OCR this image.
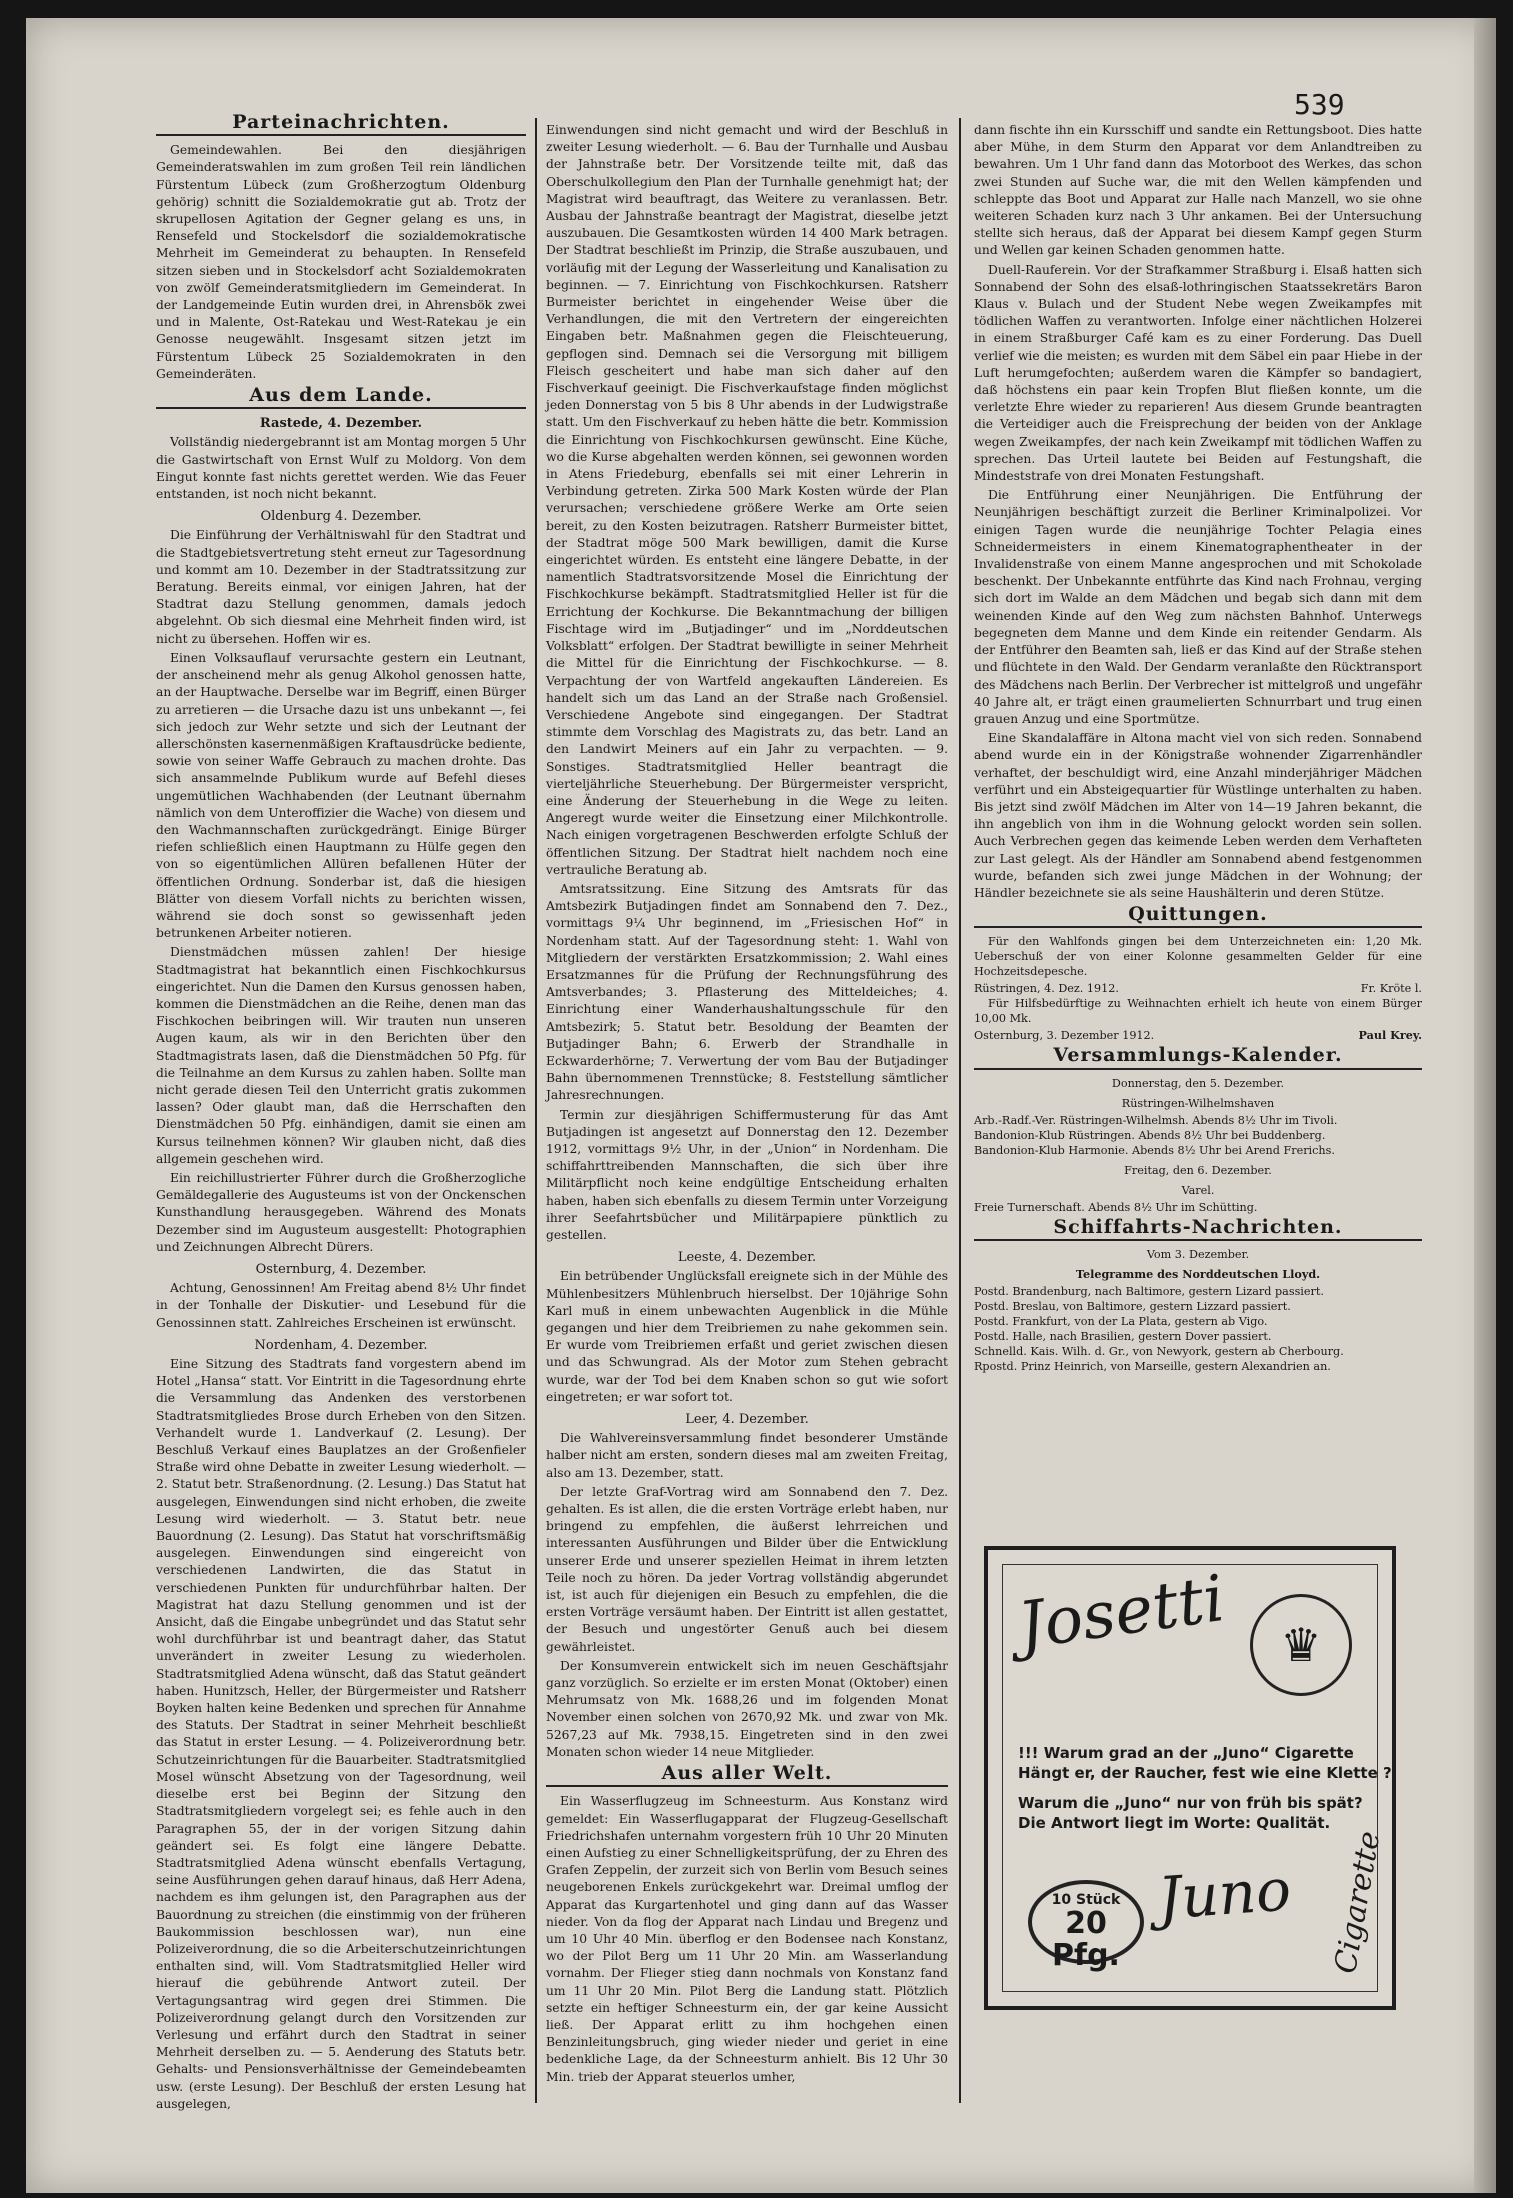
539
Parteinachrichten.

Gemeindewahlen. Bei den diesjährigen Gemeinderatswahlen im zum großen Teil rein ländlichen Fürstentum Lübeck (zum Großherzogtum Oldenburg gehörig) schnitt die Sozialdemokratie gut ab. Trotz der skrupellosen Agitation der Gegner gelang es uns, in Rensefeld und Stockelsdorf die sozialdemokratische Mehrheit im Gemeinderat zu behaupten. In Rensefeld sitzen sieben und in Stockelsdorf acht Sozialdemokraten von zwölf Gemeinderatsmitgliedern im Gemeinderat. In der Landgemeinde Eutin wurden drei, in Ahrensbök zwei und in Malente, Ost-Ratekau und West-Ratekau je ein Genosse neugewählt. Insgesamt sitzen jetzt im Fürstentum Lübeck 25 Sozialdemokraten in den Gemeinderäten.

Aus dem Lande.
Rastede, 4. Dezember.

Vollständig niedergebrannt ist am Montag morgen 5 Uhr die Gastwirtschaft von Ernst Wulf zu Moldorg. Von dem Eingut konnte fast nichts gerettet werden. Wie das Feuer entstanden, ist noch nicht bekannt.

Oldenburg 4. Dezember.

Die Einführung der Verhältniswahl für den Stadtrat und die Stadtgebietsvertretung steht erneut zur Tagesordnung und kommt am 10. Dezember in der Stadtratssitzung zur Beratung. Bereits einmal, vor einigen Jahren, hat der Stadtrat dazu Stellung genommen, damals jedoch abgelehnt. Ob sich diesmal eine Mehrheit finden wird, ist nicht zu übersehen. Hoffen wir es.

Einen Volksauflauf verursachte gestern ein Leutnant, der anscheinend mehr als genug Alkohol genossen hatte, an der Hauptwache. Derselbe war im Begriff, einen Bürger zu arretieren — die Ursache dazu ist uns unbekannt —, fei sich jedoch zur Wehr setzte und sich der Leutnant der allerschönsten kasernenmäßigen Kraftausdrücke bediente, sowie von seiner Waffe Gebrauch zu machen drohte. Das sich ansammelnde Publikum wurde auf Befehl dieses ungemütlichen Wachhabenden (der Leutnant übernahm nämlich von dem Unteroffizier die Wache) von diesem und den Wachmannschaften zurückgedrängt. Einige Bürger riefen schließlich einen Hauptmann zu Hülfe gegen den von so eigentümlichen Allüren befallenen Hüter der öffentlichen Ordnung. Sonderbar ist, daß die hiesigen Blätter von diesem Vorfall nichts zu berichten wissen, während sie doch sonst so gewissenhaft jeden betrunkenen Arbeiter notieren.

Dienstmädchen müssen zahlen! Der hiesige Stadtmagistrat hat bekanntlich einen Fischkochkursus eingerichtet. Nun die Damen den Kursus genossen haben, kommen die Dienstmädchen an die Reihe, denen man das Fischkochen beibringen will. Wir trauten nun unseren Augen kaum, als wir in den Berichten über den Stadtmagistrats lasen, daß die Dienstmädchen 50 Pfg. für die Teilnahme an dem Kursus zu zahlen haben. Sollte man nicht gerade diesen Teil den Unterricht gratis zukommen lassen? Oder glaubt man, daß die Herrschaften den Dienstmädchen 50 Pfg. einhändigen, damit sie einen am Kursus teilnehmen können? Wir glauben nicht, daß dies allgemein geschehen wird.

Ein reichillustrierter Führer durch die Großherzogliche Gemäldegallerie des Augusteums ist von der Onckenschen Kunsthandlung herausgegeben. Während des Monats Dezember sind im Augusteum ausgestellt: Photographien und Zeichnungen Albrecht Dürers.

Osternburg, 4. Dezember.

Achtung, Genossinnen! Am Freitag abend 8½ Uhr findet in der Tonhalle der Diskutier- und Lesebund für die Genossinnen statt. Zahlreiches Erscheinen ist erwünscht.

Nordenham, 4. Dezember.

Eine Sitzung des Stadtrats fand vorgestern abend im Hotel „Hansa“ statt. Vor Eintritt in die Tagesordnung ehrte die Versammlung das Andenken des verstorbenen Stadtratsmitgliedes Brose durch Erheben von den Sitzen. Verhandelt wurde 1. Landverkauf (2. Lesung). Der Beschluß Verkauf eines Bauplatzes an der Großenfieler Straße wird ohne Debatte in zweiter Lesung wiederholt. — 2. Statut betr. Straßenordnung. (2. Lesung.) Das Statut hat ausgelegen, Einwendungen sind nicht erhoben, die zweite Lesung wird wiederholt. — 3. Statut betr. neue Bauordnung (2. Lesung). Das Statut hat vorschriftsmäßig ausgelegen. Einwendungen sind eingereicht von verschiedenen Landwirten, die das Statut in verschiedenen Punkten für undurchführbar halten. Der Magistrat hat dazu Stellung genommen und ist der Ansicht, daß die Eingabe unbegründet und das Statut sehr wohl durchführbar ist und beantragt daher, das Statut unverändert in zweiter Lesung zu wiederholen. Stadtratsmitglied Adena wünscht, daß das Statut geändert haben. Hunitzsch, Heller, der Bürgermeister und Ratsherr Boyken halten keine Bedenken und sprechen für Annahme des Statuts. Der Stadtrat in seiner Mehrheit beschließt das Statut in erster Lesung. — 4. Polizeiverordnung betr. Schutzeinrichtungen für die Bauarbeiter. Stadtratsmitglied Mosel wünscht Absetzung von der Tagesordnung, weil dieselbe erst bei Beginn der Sitzung den Stadtratsmitgliedern vorgelegt sei; es fehle auch in den Paragraphen 55, der in der vorigen Sitzung dahin geändert sei. Es folgt eine längere Debatte. Stadtratsmitglied Adena wünscht ebenfalls Vertagung, seine Ausführungen gehen darauf hinaus, daß Herr Adena, nachdem es ihm gelungen ist, den Paragraphen aus der Bauordnung zu streichen (die einstimmig von der früheren Baukommission beschlossen war), nun eine Polizeiverordnung, die so die Arbeiterschutzeinrichtungen enthalten sind, will. Vom Stadtratsmitglied Heller wird hierauf die gebührende Antwort zuteil. Der Vertagungsantrag wird gegen drei Stimmen. Die Polizeiverordnung gelangt durch den Vorsitzenden zur Verlesung und erfährt durch den Stadtrat in seiner Mehrheit derselben zu. — 5. Aenderung des Statuts betr. Gehalts- und Pensionsverhältnisse der Gemeindebeamten usw. (erste Lesung). Der Beschluß der ersten Lesung hat ausgelegen,

Einwendungen sind nicht gemacht und wird der Beschluß in zweiter Lesung wiederholt. — 6. Bau der Turnhalle und Ausbau der Jahnstraße betr. Der Vorsitzende teilte mit, daß das Oberschulkollegium den Plan der Turnhalle genehmigt hat; der Magistrat wird beauftragt, das Weitere zu veranlassen. Betr. Ausbau der Jahnstraße beantragt der Magistrat, dieselbe jetzt auszubauen. Die Gesamtkosten würden 14 400 Mark betragen. Der Stadtrat beschließt im Prinzip, die Straße auszubauen, und vorläufig mit der Legung der Wasserleitung und Kanalisation zu beginnen. — 7. Einrichtung von Fischkochkursen. Ratsherr Burmeister berichtet in eingehender Weise über die Verhandlungen, die mit den Vertretern der eingereichten Eingaben betr. Maßnahmen gegen die Fleischteuerung, gepflogen sind. Demnach sei die Versorgung mit billigem Fleisch gescheitert und habe man sich daher auf den Fischverkauf geeinigt. Die Fischverkaufstage finden möglichst jeden Donnerstag von 5 bis 8 Uhr abends in der Ludwigstraße statt. Um den Fischverkauf zu heben hätte die betr. Kommission die Einrichtung von Fischkochkursen gewünscht. Eine Küche, wo die Kurse abgehalten werden können, sei gewonnen worden in Atens Friedeburg, ebenfalls sei mit einer Lehrerin in Verbindung getreten. Zirka 500 Mark Kosten würde der Plan verursachen; verschiedene größere Werke am Orte seien bereit, zu den Kosten beizutragen. Ratsherr Burmeister bittet, der Stadtrat möge 500 Mark bewilligen, damit die Kurse eingerichtet würden. Es entsteht eine längere Debatte, in der namentlich Stadtratsvorsitzende Mosel die Einrichtung der Fischkochkurse bekämpft. Stadtratsmitglied Heller ist für die Errichtung der Kochkurse. Die Bekanntmachung der billigen Fischtage wird im „Butjadinger“ und im „Norddeutschen Volksblatt“ erfolgen. Der Stadtrat bewilligte in seiner Mehrheit die Mittel für die Einrichtung der Fischkochkurse. — 8. Verpachtung der von Wartfeld angekauften Ländereien. Es handelt sich um das Land an der Straße nach Großensiel. Verschiedene Angebote sind eingegangen. Der Stadtrat stimmte dem Vorschlag des Magistrats zu, das betr. Land an den Landwirt Meiners auf ein Jahr zu verpachten. — 9. Sonstiges. Stadtratsmitglied Heller beantragt die vierteljährliche Steuerhebung. Der Bürgermeister verspricht, eine Änderung der Steuerhebung in die Wege zu leiten. Angeregt wurde weiter die Einsetzung einer Milchkontrolle. Nach einigen vorgetragenen Beschwerden erfolgte Schluß der öffentlichen Sitzung. Der Stadtrat hielt nachdem noch eine vertrauliche Beratung ab.

Amtsratssitzung. Eine Sitzung des Amtsrats für das Amtsbezirk Butjadingen findet am Sonnabend den 7. Dez., vormittags 9¼ Uhr beginnend, im „Friesischen Hof“ in Nordenham statt. Auf der Tagesordnung steht: 1. Wahl von Mitgliedern der verstärkten Ersatzkommission; 2. Wahl eines Ersatzmannes für die Prüfung der Rechnungsführung des Amtsverbandes; 3. Pflasterung des Mitteldeiches; 4. Einrichtung einer Wanderhaushaltungsschule für den Amtsbezirk; 5. Statut betr. Besoldung der Beamten der Butjadinger Bahn; 6. Erwerb der Strandhalle in Eckwarderhörne; 7. Verwertung der vom Bau der Butjadinger Bahn übernommenen Trennstücke; 8. Feststellung sämtlicher Jahresrechnungen.

Termin zur diesjährigen Schiffermusterung für das Amt Butjadingen ist angesetzt auf Donnerstag den 12. Dezember 1912, vormittags 9½ Uhr, in der „Union“ in Nordenham. Die schiffahrttreibenden Mannschaften, die sich über ihre Militärpflicht noch keine endgültige Entscheidung erhalten haben, haben sich ebenfalls zu diesem Termin unter Vorzeigung ihrer Seefahrtsbücher und Militärpapiere pünktlich zu gestellen.

Leeste, 4. Dezember.

Ein betrübender Unglücksfall ereignete sich in der Mühle des Mühlenbesitzers Mühlenbruch hierselbst. Der 10jährige Sohn Karl muß in einem unbewachten Augenblick in die Mühle gegangen und hier dem Treibriemen zu nahe gekommen sein. Er wurde vom Treibriemen erfaßt und geriet zwischen diesen und das Schwungrad. Als der Motor zum Stehen gebracht wurde, war der Tod bei dem Knaben schon so gut wie sofort eingetreten; er war sofort tot.

Leer, 4. Dezember.

Die Wahlvereinsversammlung findet besonderer Umstände halber nicht am ersten, sondern dieses mal am zweiten Freitag, also am 13. Dezember, statt.

Der letzte Graf-Vortrag wird am Sonnabend den 7. Dez. gehalten. Es ist allen, die die ersten Vorträge erlebt haben, nur bringend zu empfehlen, die äußerst lehrreichen und interessanten Ausführungen und Bilder über die Entwicklung unserer Erde und unserer speziellen Heimat in ihrem letzten Teile noch zu hören. Da jeder Vortrag vollständig abgerundet ist, ist auch für diejenigen ein Besuch zu empfehlen, die die ersten Vorträge versäumt haben. Der Eintritt ist allen gestattet, der Besuch und ungestörter Genuß auch bei diesem gewährleistet.

Der Konsumverein entwickelt sich im neuen Geschäftsjahr ganz vorzüglich. So erzielte er im ersten Monat (Oktober) einen Mehrumsatz von Mk. 1688,26 und im folgenden Monat November einen solchen von 2670,92 Mk. und zwar von Mk. 5267,23 auf Mk. 7938,15. Eingetreten sind in den zwei Monaten schon wieder 14 neue Mitglieder.

Aus aller Welt.

Ein Wasserflugzeug im Schneesturm. Aus Konstanz wird gemeldet: Ein Wasserflugapparat der Flugzeug-Gesellschaft Friedrichshafen unternahm vorgestern früh 10 Uhr 20 Minuten einen Aufstieg zu einer Schnelligkeitsprüfung, der zu Ehren des Grafen Zeppelin, der zurzeit sich von Berlin vom Besuch seines neugeborenen Enkels zurückgekehrt war. Dreimal umflog der Apparat das Kurgartenhotel und ging dann auf das Wasser nieder. Von da flog der Apparat nach Lindau und Bregenz und um 10 Uhr 40 Min. überflog er den Bodensee nach Konstanz, wo der Pilot Berg um 11 Uhr 20 Min. am Wasserlandung vornahm. Der Flieger stieg dann nochmals von Konstanz fand um 11 Uhr 20 Min. Pilot Berg die Landung statt. Plötzlich setzte ein heftiger Schneesturm ein, der gar keine Aussicht ließ. Der Apparat erlitt zu ihm hochgehen einen Benzinleitungsbruch, ging wieder nieder und geriet in eine bedenkliche Lage, da der Schneesturm anhielt. Bis 12 Uhr 30 Min. trieb der Apparat steuerlos umher,

dann fischte ihn ein Kursschiff und sandte ein Rettungsboot. Dies hatte aber Mühe, in dem Sturm den Apparat vor dem Anlandtreiben zu bewahren. Um 1 Uhr fand dann das Motorboot des Werkes, das schon zwei Stunden auf Suche war, die mit den Wellen kämpfenden und schleppte das Boot und Apparat zur Halle nach Manzell, wo sie ohne weiteren Schaden kurz nach 3 Uhr ankamen. Bei der Untersuchung stellte sich heraus, daß der Apparat bei diesem Kampf gegen Sturm und Wellen gar keinen Schaden genommen hatte.

Duell-Rauferein. Vor der Strafkammer Straßburg i. Elsaß hatten sich Sonnabend der Sohn des elsaß-lothringischen Staatssekretärs Baron Klaus v. Bulach und der Student Nebe wegen Zweikampfes mit tödlichen Waffen zu verantworten. Infolge einer nächtlichen Holzerei in einem Straßburger Café kam es zu einer Forderung. Das Duell verlief wie die meisten; es wurden mit dem Säbel ein paar Hiebe in der Luft herumgefochten; außerdem waren die Kämpfer so bandagiert, daß höchstens ein paar kein Tropfen Blut fließen konnte, um die verletzte Ehre wieder zu reparieren! Aus diesem Grunde beantragten die Verteidiger auch die Freisprechung der beiden von der Anklage wegen Zweikampfes, der nach kein Zweikampf mit tödlichen Waffen zu sprechen. Das Urteil lautete bei Beiden auf Festungshaft, die Mindeststrafe von drei Monaten Festungshaft.

Die Entführung einer Neunjährigen. Die Entführung der Neunjährigen beschäftigt zurzeit die Berliner Kriminalpolizei. Vor einigen Tagen wurde die neunjährige Tochter Pelagia eines Schneidermeisters in einem Kinematographentheater in der Invalidenstraße von einem Manne angesprochen und mit Schokolade beschenkt. Der Unbekannte entführte das Kind nach Frohnau, verging sich dort im Walde an dem Mädchen und begab sich dann mit dem weinenden Kinde auf den Weg zum nächsten Bahnhof. Unterwegs begegneten dem Manne und dem Kinde ein reitender Gendarm. Als der Entführer den Beamten sah, ließ er das Kind auf der Straße stehen und flüchtete in den Wald. Der Gendarm veranlaßte den Rücktransport des Mädchens nach Berlin. Der Verbrecher ist mittelgroß und ungefähr 40 Jahre alt, er trägt einen graumelierten Schnurrbart und trug einen grauen Anzug und eine Sportmütze.

Eine Skandalaffäre in Altona macht viel von sich reden. Sonnabend abend wurde ein in der Königstraße wohnender Zigarrenhändler verhaftet, der beschuldigt wird, eine Anzahl minderjähriger Mädchen verführt und ein Absteigequartier für Wüstlinge unterhalten zu haben. Bis jetzt sind zwölf Mädchen im Alter von 14—19 Jahren bekannt, die ihn angeblich von ihm in die Wohnung gelockt worden sein sollen. Auch Verbrechen gegen das keimende Leben werden dem Verhafteten zur Last gelegt. Als der Händler am Sonnabend abend festgenommen wurde, befanden sich zwei junge Mädchen in der Wohnung; der Händler bezeichnete sie als seine Haushälterin und deren Stütze.

Quittungen.

Für den Wahlfonds gingen bei dem Unterzeichneten ein: 1,20 Mk. Ueberschuß der von einer Kolonne gesammelten Gelder für eine Hochzeitsdepesche.

Rüstringen, 4. Dez. 1912.	Fr. Kröte l.

Für Hilfsbedürftige zu Weihnachten erhielt ich heute von einem Bürger 10,00 Mk.

Osternburg, 3. Dezember 1912.	Paul Krey.
Versammlungs-Kalender.
Donnerstag, den 5. Dezember.
Rüstringen-Wilhelmshaven
Arb.-Radf.-Ver. Rüstringen-Wilhelmsh. Abends 8½ Uhr im Tivoli.
Bandonion-Klub Rüstringen. Abends 8½ Uhr bei Buddenberg.
Bandonion-Klub Harmonie. Abends 8½ Uhr bei Arend Frerichs.
Freitag, den 6. Dezember.
Varel.
Freie Turnerschaft. Abends 8½ Uhr im Schütting.
Schiffahrts-Nachrichten.
Vom 3. Dezember.
Telegramme des Norddeutschen Lloyd.
Postd. Brandenburg, nach Baltimore, gestern Lizard passiert.
Postd. Breslau, von Baltimore, gestern Lizzard passiert.
Postd. Frankfurt, von der La Plata, gestern ab Vigo.
Postd. Halle, nach Brasilien, gestern Dover passiert.
Schnelld. Kais. Wilh. d. Gr., von Newyork, gestern ab Cherbourg.
Rpostd. Prinz Heinrich, von Marseille, gestern Alexandrien an.
Josetti	♛
!!! Warum grad an der „Juno“ Cigarette
Hängt er, der Raucher, fest wie eine Klette ?
Warum die „Juno“ nur von früh bis spät?
Die Antwort liegt im Worte: Qualität.
10 Stück
20 Pfg.
Juno Cigarette
